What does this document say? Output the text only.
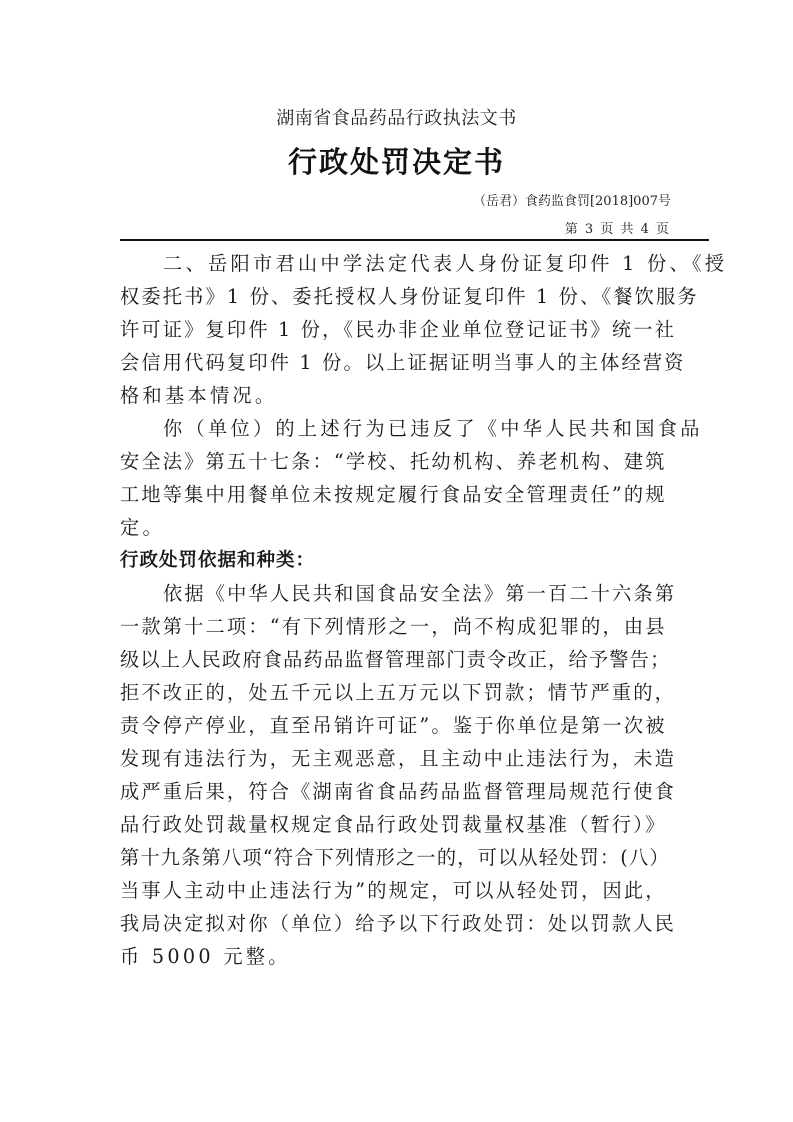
湖南省食品药品行政执法文书
行政处罚决定书
（岳君）食药监食罚[2018]007号
第 3 页 共 4 页
二、岳阳市君山中学法定代表人身份证复印件 1 份、《授
权委托书》1 份、委托授权人身份证复印件 1 份、《餐饮服务
许可证》复印件 1 份，《民办非企业单位登记证书》统一社
会信用代码复印件 1 份。以上证据证明当事人的主体经营资
格和基本情况。
你（单位）的上述行为已违反了《中华人民共和国食品
安全法》第五十七条：“学校、托幼机构、养老机构、建筑
工地等集中用餐单位未按规定履行食品安全管理责任”的规
定。
行政处罚依据和种类：
依据《中华人民共和国食品安全法》第一百二十六条第
一款第十二项：“有下列情形之一，尚不构成犯罪的，由县
级以上人民政府食品药品监督管理部门责令改正，给予警告；
拒不改正的，处五千元以上五万元以下罚款；情节严重的，
责令停产停业，直至吊销许可证”。鉴于你单位是第一次被
发现有违法行为，无主观恶意，且主动中止违法行为，未造
成严重后果，符合《湖南省食品药品监督管理局规范行使食
品行政处罚裁量权规定食品行政处罚裁量权基准（暂行）》
第十九条第八项“符合下列情形之一的，可以从轻处罚：(八）
当事人主动中止违法行为”的规定，可以从轻处罚，因此，
我局决定拟对你（单位）给予以下行政处罚：处以罚款人民
币 5000 元整。
